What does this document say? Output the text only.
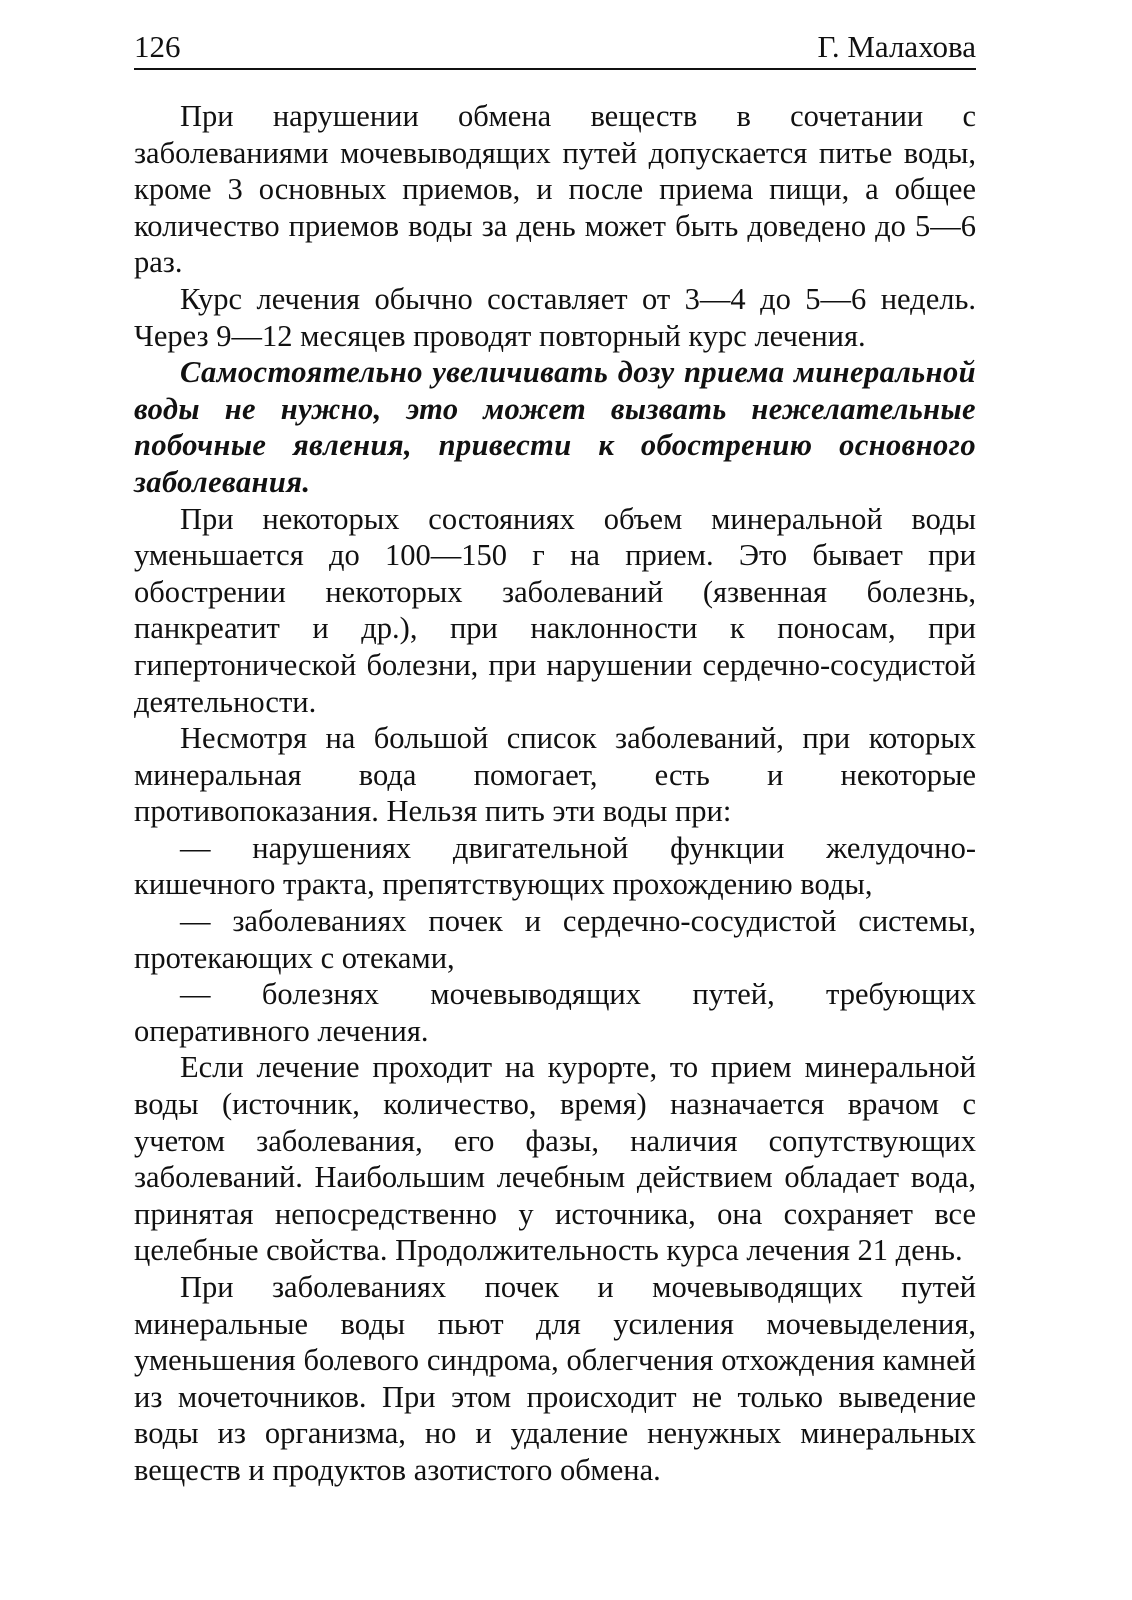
126	Г. Малахова

При нарушении обмена веществ в сочетании с заболеваниями мочевыводящих путей допускается питье воды, кроме 3 основных приемов, и после приема пищи, а общее количество приемов воды за день может быть доведено до 5—6 раз.

Курс лечения обычно составляет от 3—4 до 5—6 недель. Через 9—12 месяцев проводят повторный курс лечения.

Самостоятельно увеличивать дозу приема минеральной воды не нужно, это может вызвать нежелательные побочные явления, привести к обострению основного заболевания.

При некоторых состояниях объем минеральной воды уменьшается до 100—150 г на прием. Это бывает при обострении некоторых заболеваний (язвенная болезнь, панкреатит и др.), при наклонности к поносам, при гипертонической болезни, при нарушении сердечно-сосудистой деятельности.

Несмотря на большой список заболеваний, при которых минеральная вода помогает, есть и некоторые противопоказания. Нельзя пить эти воды при:

— нарушениях двигательной функции желудочно-кишечного тракта, препятствующих прохождению воды,

— заболеваниях почек и сердечно-сосудистой системы, протекающих с отеками,

— болезнях мочевыводящих путей, требующих оперативного лечения.

Если лечение проходит на курорте, то прием минеральной воды (источник, количество, время) назначается врачом с учетом заболевания, его фазы, наличия сопутствующих заболеваний. Наибольшим лечебным действием обладает вода, принятая непосредственно у источника, она сохраняет все целебные свойства. Продолжительность курса лечения 21 день.

При заболеваниях почек и мочевыводящих путей минеральные воды пьют для усиления мочевыделения, уменьшения болевого синдрома, облегчения отхождения камней из мочеточников. При этом происходит не только выведение воды из организма, но и удаление ненужных минеральных веществ и продуктов азотистого обмена.
